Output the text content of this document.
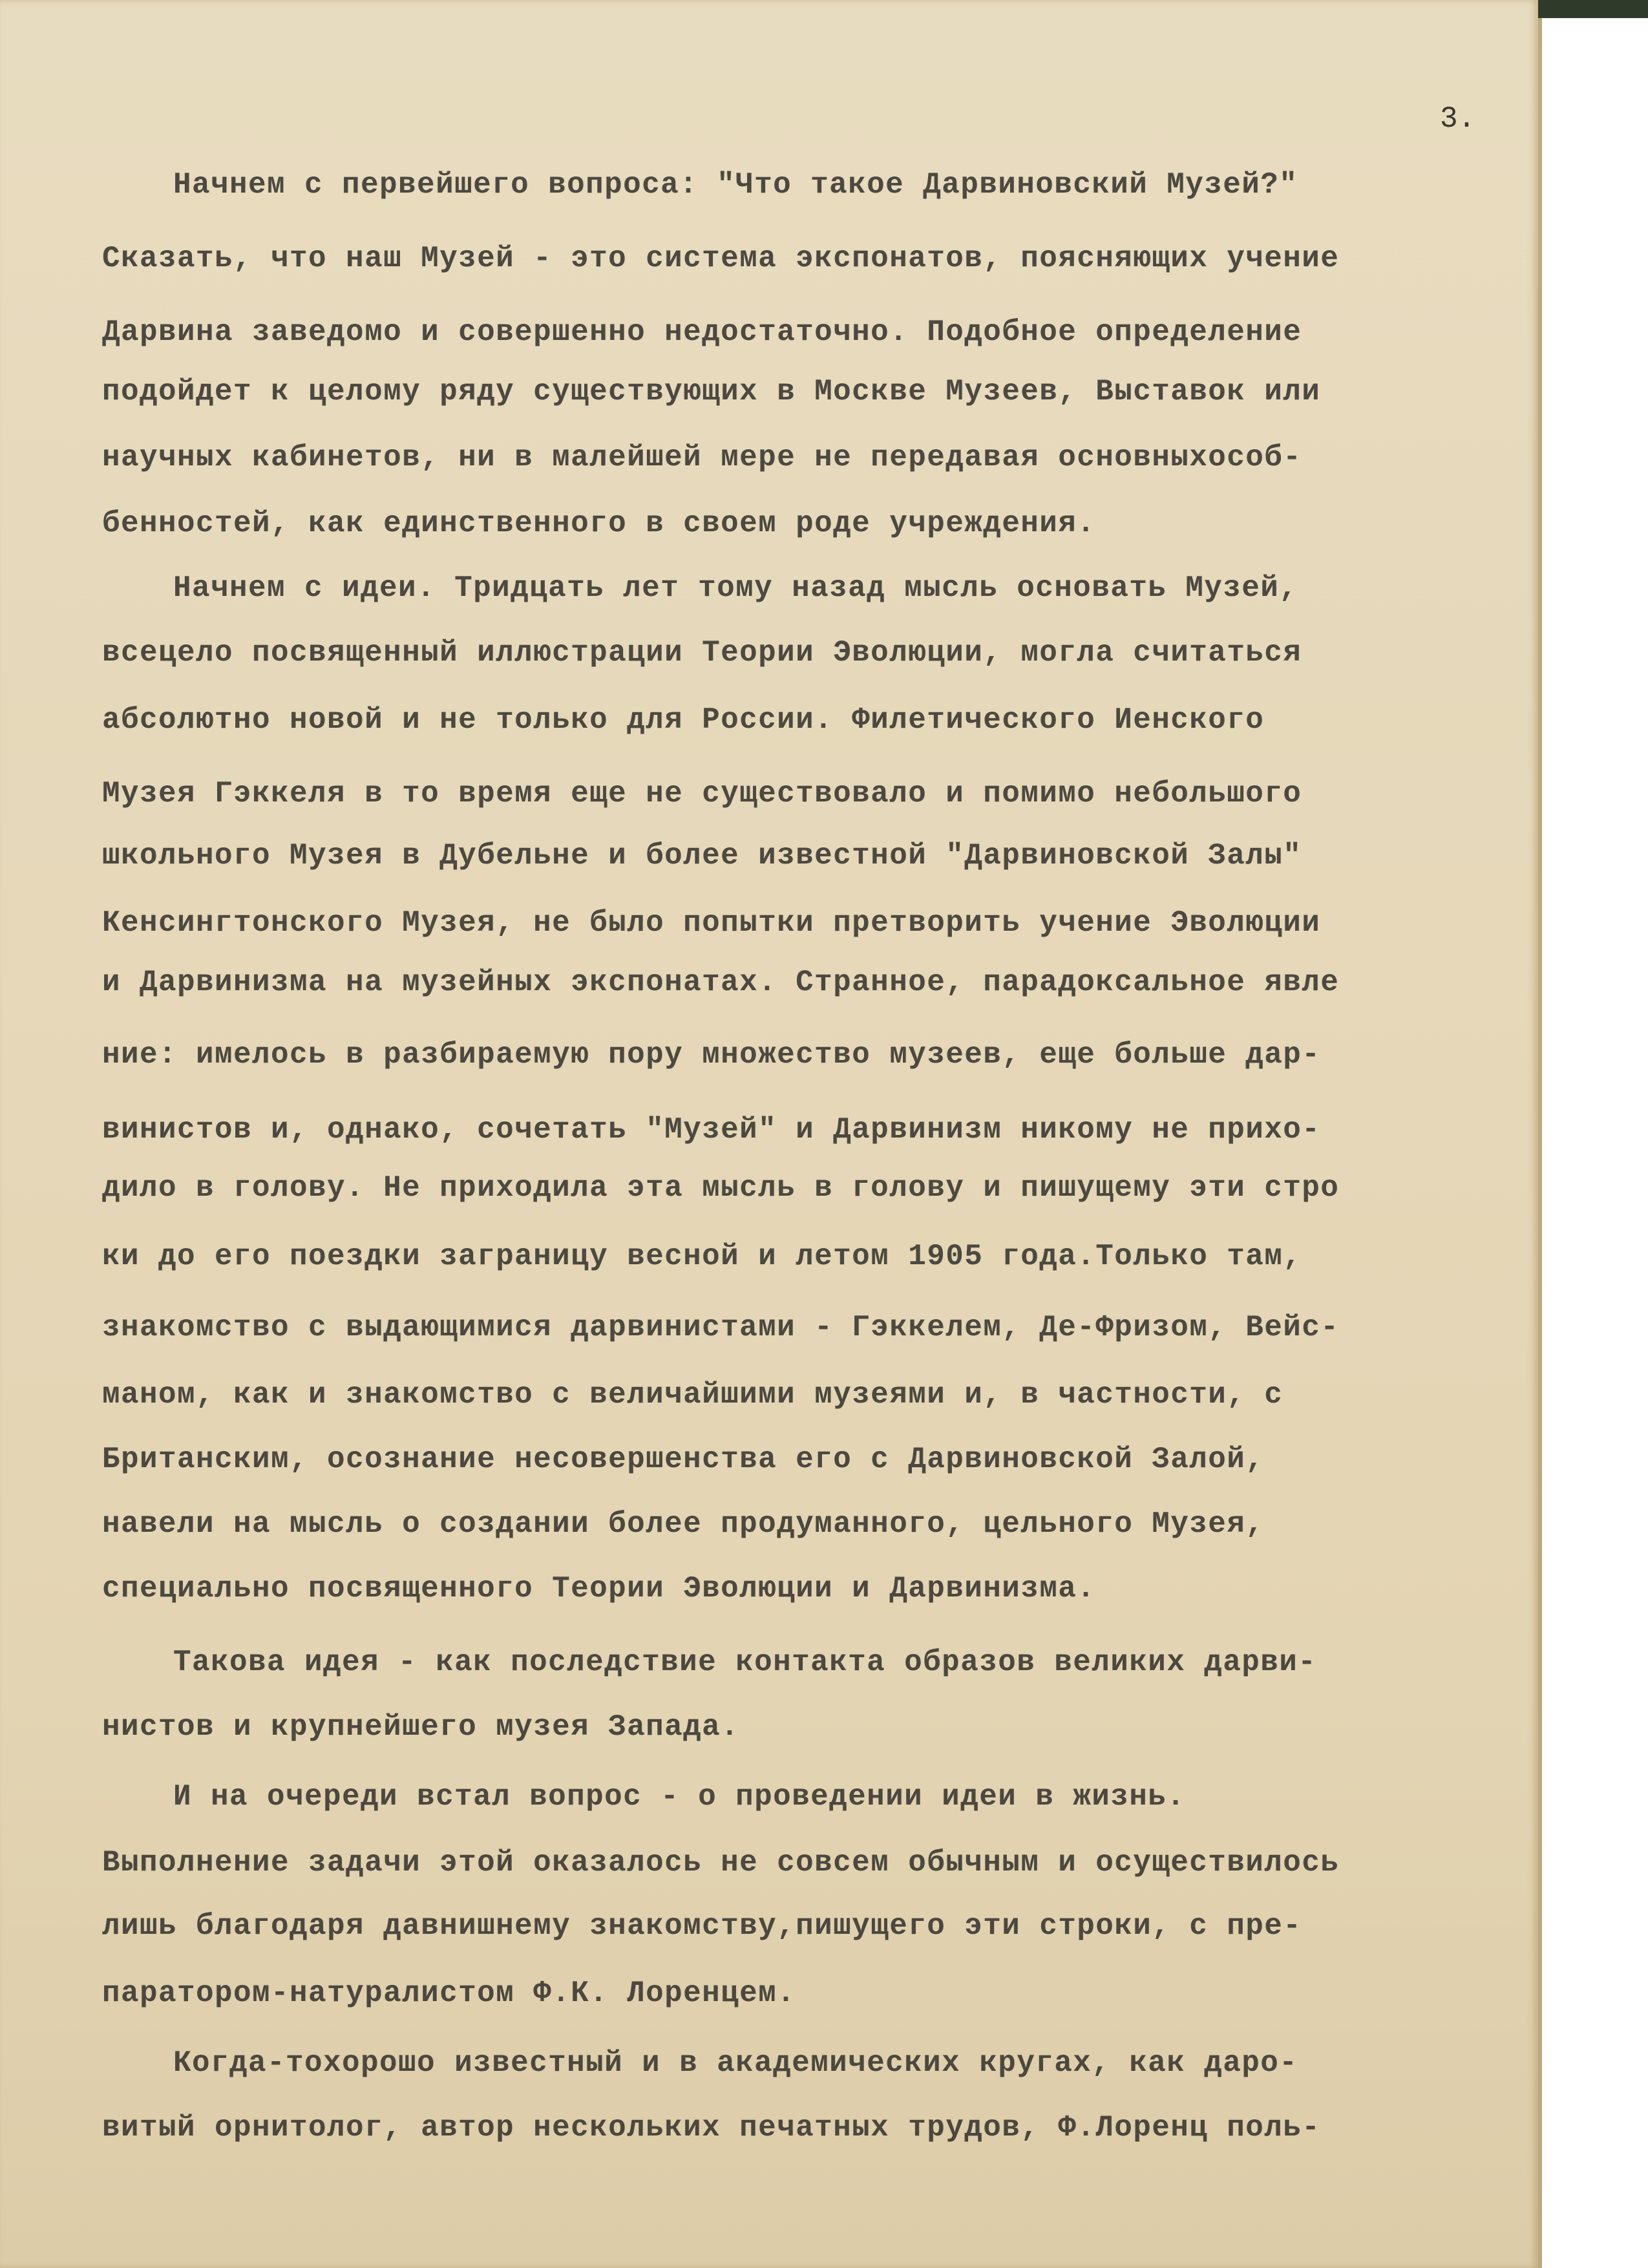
3.

Начнем с первейшего вопроса: "Что такое Дарвиновский Музей?"

Сказать, что наш Музей - это система экспонатов, поясняющих учение

Дарвина заведомо и совершенно недостаточно. Подобное определение

подойдет к целому ряду существующих в Москве Музеев, Выставок или

научных кабинетов, ни в малейшей мере не передавая основныхособ-

бенностей, как единственного в своем роде учреждения.

Начнем с идеи. Тридцать лет тому назад мысль основать Музей,

всецело посвященный иллюстрации Теории Эволюции, могла считаться

абсолютно новой и не только для России. Филетического Иенского

Музея Гэккеля в то время еще не существовало и помимо небольшого

школьного Музея в Дубельне и более известной "Дарвиновской Залы"

Кенсингтонского Музея, не было попытки претворить учение Эволюции

и Дарвинизма на музейных экспонатах. Странное, парадоксальное явле

ние: имелось в разбираемую пору множество музеев, еще больше дар-

винистов и, однако, сочетать "Музей" и Дарвинизм никому не прихо-

дило в голову. Не приходила эта мысль в голову и пишущему эти стро

ки до его поездки заграницу весной и летом 1905 года.Только там,

знакомство с выдающимися дарвинистами - Гэккелем, Де-Фризом, Вейс-

маном, как и знакомство с величайшими музеями и, в частности, с

Британским, осознание несовершенства его с Дарвиновской Залой,

навели на мысль о создании более продуманного, цельного Музея,

специально посвященного Теории Эволюции и Дарвинизма.

Такова идея - как последствие контакта образов великих дарви-

нистов и крупнейшего музея Запада.

И на очереди встал вопрос - о проведении идеи в жизнь.

Выполнение задачи этой оказалось не совсем обычным и осуществилось

лишь благодаря давнишнему знакомству,пишущего эти строки, с пре-

паратором-натуралистом Ф.К. Лоренцем.

Когда-тохорошо известный и в академических кругах, как даро-

витый орнитолог, автор нескольких печатных трудов, Ф.Лоренц поль-
